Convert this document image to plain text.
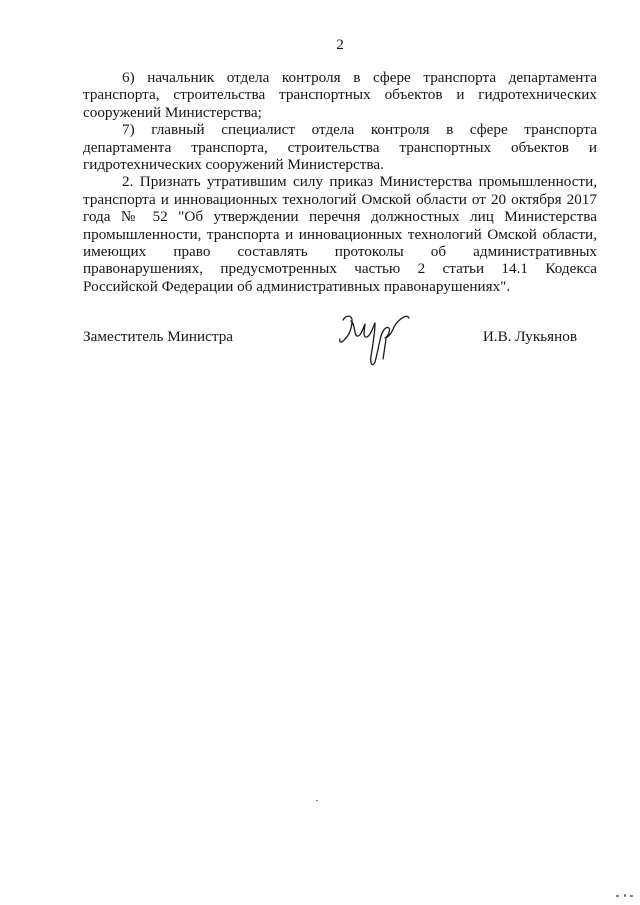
2
6) начальник отдела контроля в сфере транспорта департамента
транспорта, строительства транспортных объектов и гидротехнических
сооружений Министерства;
7) главный специалист отдела контроля в сфере транспорта
департамента транспорта, строительства транспортных объектов и
гидротехнических сооружений Министерства.
2. Признать утратившим силу приказ Министерства промышленности,
транспорта и инновационных технологий Омской области от 20 октября 2017
года № 52 "Об утверждении перечня должностных лиц Министерства
промышленности, транспорта и инновационных технологий Омской области,
имеющих право составлять протоколы об административных
правонарушениях, предусмотренных частью 2 статьи 14.1 Кодекса
Российской Федерации об административных правонарушениях".
Заместитель Министра	И.В. Лукьянов
